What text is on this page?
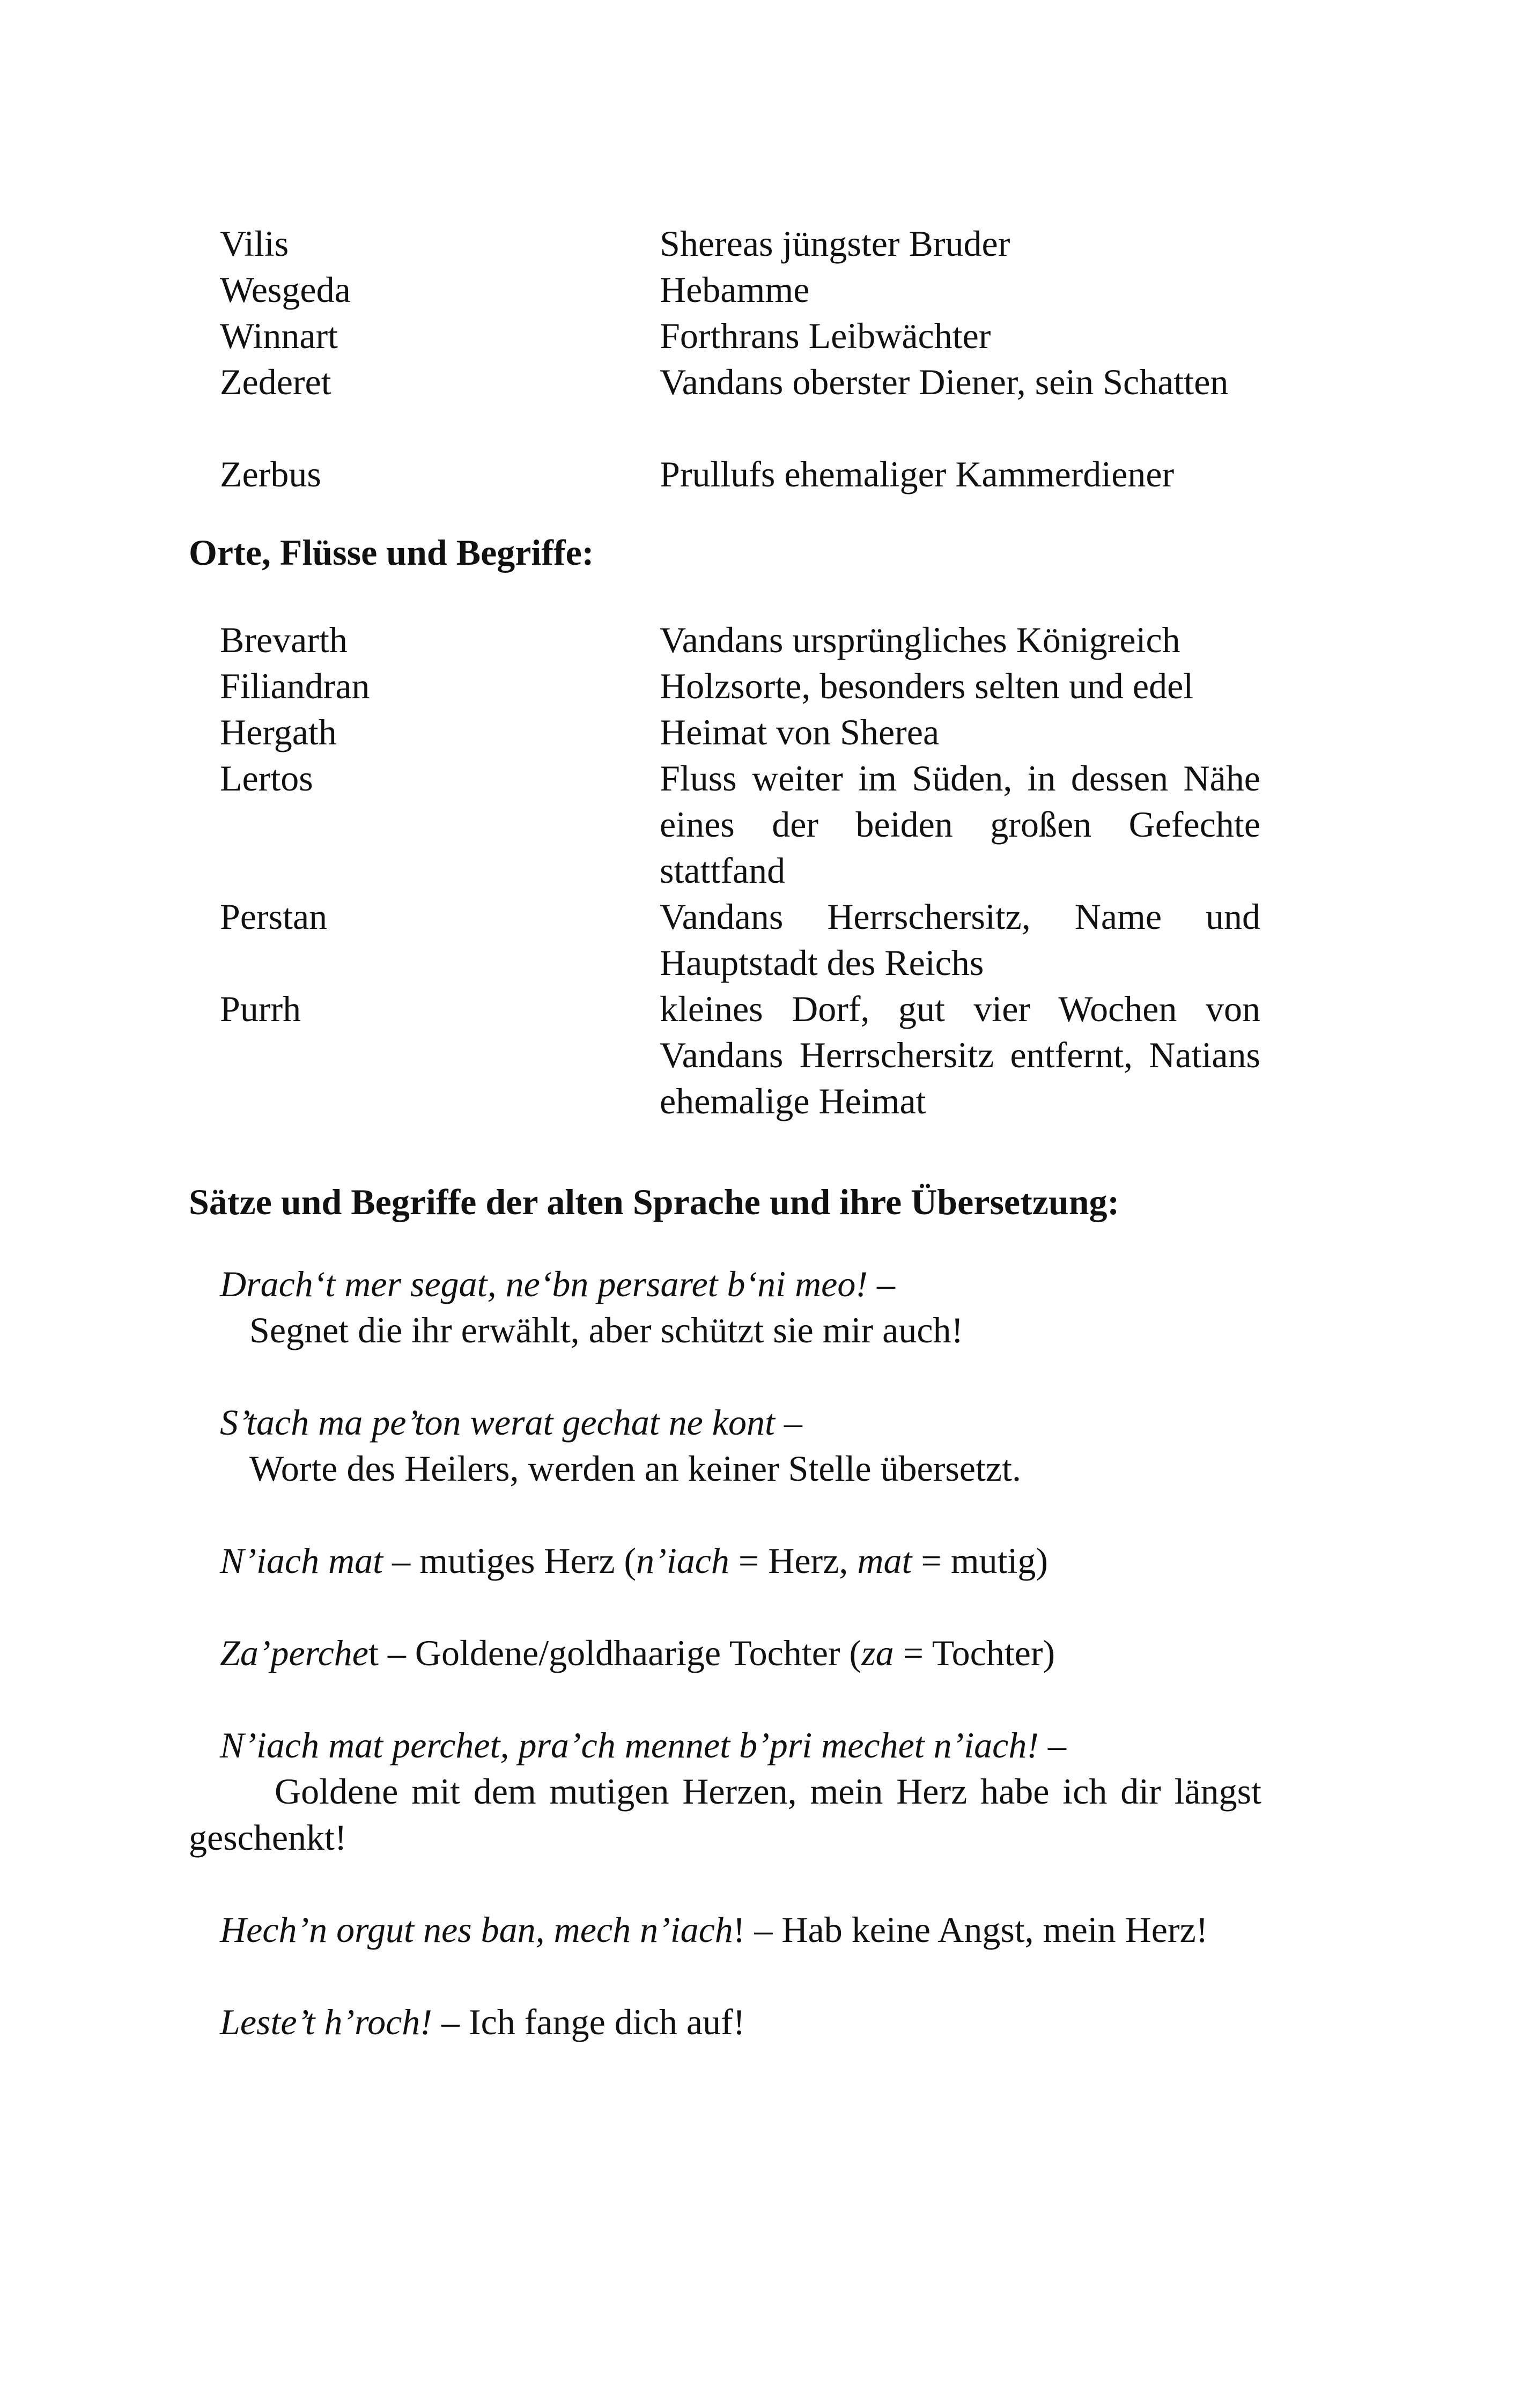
Vilis	Shereas jüngster Bruder
Wesgeda	Hebamme
Winnart	Forthrans Leibwächter
Zederet	Vandans oberster Diener, sein Schatten
Zerbus	Prullufs ehemaliger Kammerdiener
Orte, Flüsse und Begriffe:
Brevarth	Vandans ursprüngliches Königreich
Filiandran	Holzsorte, besonders selten und edel
Hergath	Heimat von Sherea
Lertos	Fluss weiter im Süden, in dessen Nähe eines der beiden großen Gefechte stattfand
Perstan	Vandans Herrschersitz, Name und Hauptstadt des Reichs
Purrh	kleines Dorf, gut vier Wochen von Vandans Herrschersitz entfernt, Natians ehemalige Heimat
Sätze und Begriffe der alten Sprache und ihre Übersetzung:
Drach‘t mer segat, ne‘bn persaret b‘ni meo! –
Segnet die ihr erwählt, aber schützt sie mir auch!
S’tach ma pe’ton werat gechat ne kont –
Worte des Heilers, werden an keiner Stelle übersetzt.
N’iach mat – mutiges Herz (n’iach = Herz, mat = mutig)
Za’perchet – Goldene/goldhaarige Tochter (za = Tochter)
N’iach mat perchet, pra’ch mennet b’pri mechet n’iach! –
Goldene mit dem mutigen Herzen, mein Herz habe ich dir längst geschenkt!
Hech’n orgut nes ban, mech n’iach! – Hab keine Angst, mein Herz!
Leste’t h’roch! – Ich fange dich auf!
